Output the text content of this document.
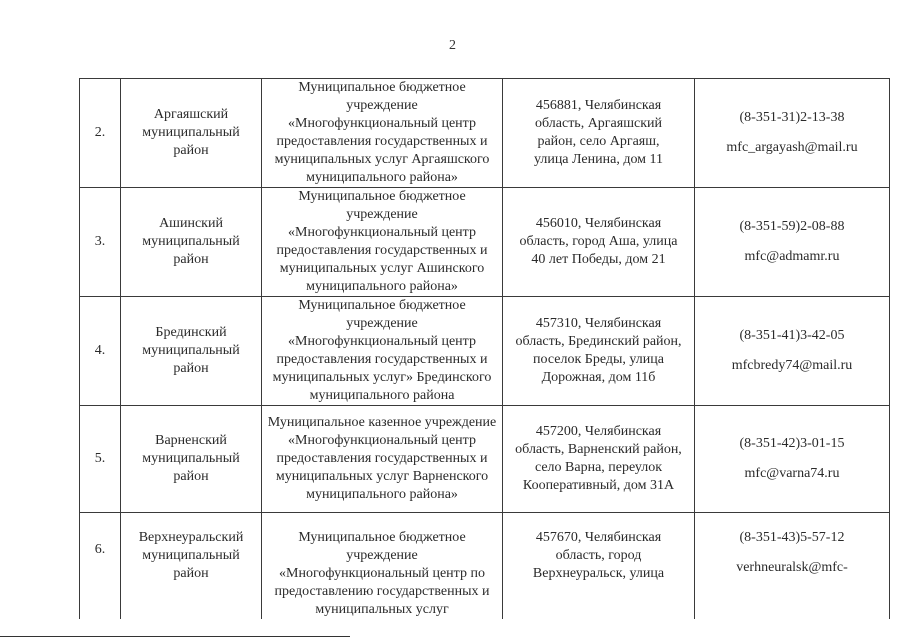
2
2.	Аргаяшский
муниципальный
район	Муниципальное бюджетное учреждение
«Многофункциональный центр
предоставления государственных и
муниципальных услуг Аргаяшского
муниципального района»	456881, Челябинская
область, Аргаяшский
район, село Аргаяш,
улица Ленина, дом 11	(8-351-31)2-13-38
mfc_argayash@mail.ru

3.	Ашинский
муниципальный
район	Муниципальное бюджетное учреждение
«Многофункциональный центр
предоставления государственных и
муниципальных услуг Ашинского
муниципального района»	456010, Челябинская
область, город Аша, улица
40 лет Победы, дом 21	(8-351-59)2-08-88
mfc@admamr.ru

4.	Брединский
муниципальный
район	Муниципальное бюджетное учреждение
«Многофункциональный центр
предоставления государственных и
муниципальных услуг» Брединского
муниципального района	457310, Челябинская
область, Брединский район,
поселок Бреды, улица
Дорожная, дом 11б	(8-351-41)3-42-05
mfcbredy74@mail.ru

5.	Варненский
муниципальный
район	Муниципальное казенное учреждение
«Многофункциональный центр
предоставления государственных и
муниципальных услуг Варненского
муниципального района»	457200, Челябинская
область, Варненский район,
село Варна, переулок
Кооперативный, дом 31А	(8-351-42)3-01-15
mfc@varna74.ru

6.	Верхнеуральский
муниципальный
район	Муниципальное бюджетное учреждение
«Многофункциональный центр по
предоставлению государственных и
муниципальных услуг	457670, Челябинская
область, город
Верхнеуральск, улица	(8-351-43)5-57-12
verhneuralsk@mfc-
